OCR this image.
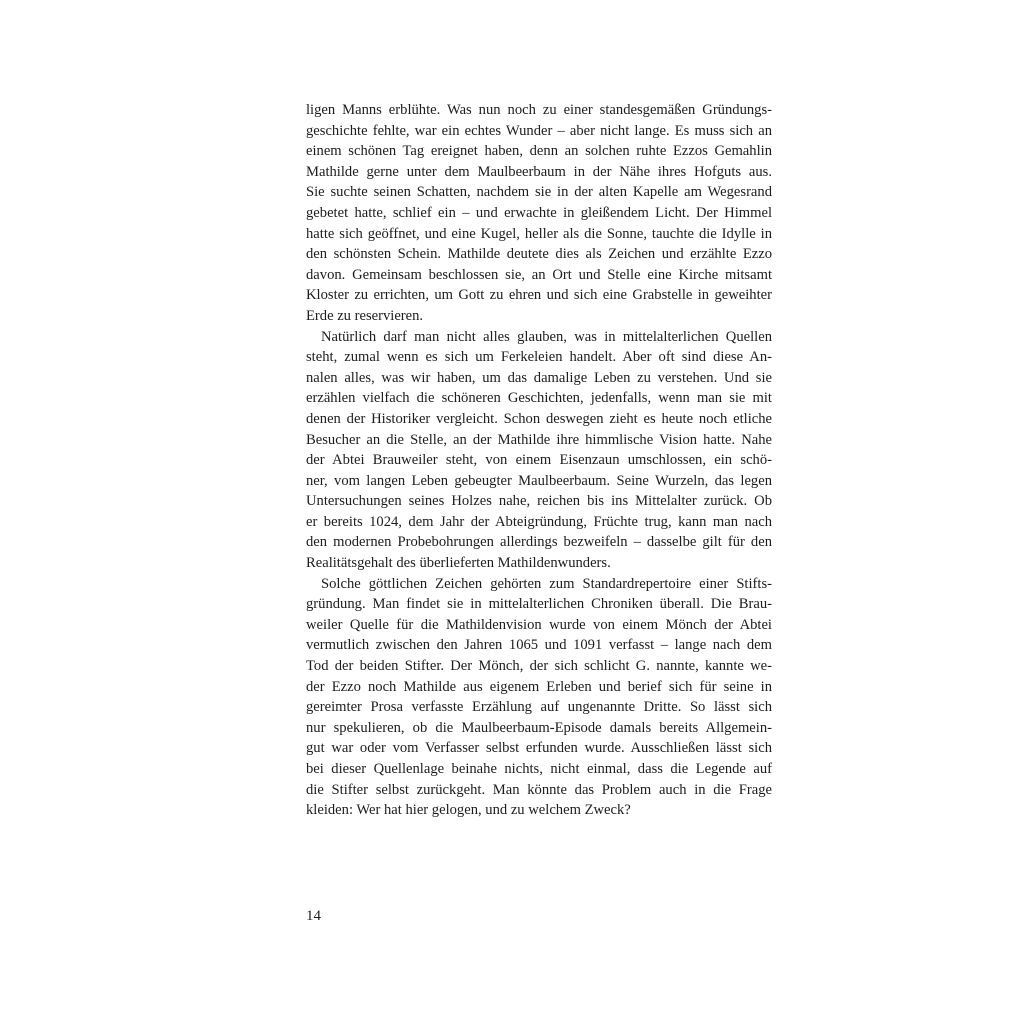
ligen Manns erblühte. Was nun noch zu einer standesgemäßen Gründungs-
geschichte fehlte, war ein echtes Wunder – aber nicht lange. Es muss sich an
einem schönen Tag ereignet haben, denn an solchen ruhte Ezzos Gemahlin
Mathilde gerne unter dem Maulbeerbaum in der Nähe ihres Hofguts aus.
Sie suchte seinen Schatten, nachdem sie in der alten Kapelle am Wegesrand
gebetet hatte, schlief ein – und erwachte in gleißendem Licht. Der Himmel
hatte sich geöffnet, und eine Kugel, heller als die Sonne, tauchte die Idylle in
den schönsten Schein. Mathilde deutete dies als Zeichen und erzählte Ezzo
davon. Gemeinsam beschlossen sie, an Ort und Stelle eine Kirche mitsamt
Kloster zu errichten, um Gott zu ehren und sich eine Grabstelle in geweihter
Erde zu reservieren.
Natürlich darf man nicht alles glauben, was in mittelalterlichen Quellen
steht, zumal wenn es sich um Ferkeleien handelt. Aber oft sind diese An-
nalen alles, was wir haben, um das damalige Leben zu verstehen. Und sie
erzählen vielfach die schöneren Geschichten, jedenfalls, wenn man sie mit
denen der Historiker vergleicht. Schon deswegen zieht es heute noch etliche
Besucher an die Stelle, an der Mathilde ihre himmlische Vision hatte. Nahe
der Abtei Brauweiler steht, von einem Eisenzaun umschlossen, ein schö-
ner, vom langen Leben gebeugter Maulbeerbaum. Seine Wurzeln, das legen
Untersuchungen seines Holzes nahe, reichen bis ins Mittelalter zurück. Ob
er bereits 1024, dem Jahr der Abteigründung, Früchte trug, kann man nach
den modernen Probebohrungen allerdings bezweifeln – dasselbe gilt für den
Realitätsgehalt des überlieferten Mathildenwunders.
Solche göttlichen Zeichen gehörten zum Standardrepertoire einer Stifts-
gründung. Man findet sie in mittelalterlichen Chroniken überall. Die Brau-
weiler Quelle für die Mathildenvision wurde von einem Mönch der Abtei
vermutlich zwischen den Jahren 1065 und 1091 verfasst – lange nach dem
Tod der beiden Stifter. Der Mönch, der sich schlicht G. nannte, kannte we-
der Ezzo noch Mathilde aus eigenem Erleben und berief sich für seine in
gereimter Prosa verfasste Erzählung auf ungenannte Dritte. So lässt sich
nur spekulieren, ob die Maulbeerbaum-Episode damals bereits Allgemein-
gut war oder vom Verfasser selbst erfunden wurde. Ausschließen lässt sich
bei dieser Quellenlage beinahe nichts, nicht einmal, dass die Legende auf
die Stifter selbst zurückgeht. Man könnte das Problem auch in die Frage
kleiden: Wer hat hier gelogen, und zu welchem Zweck?
14
